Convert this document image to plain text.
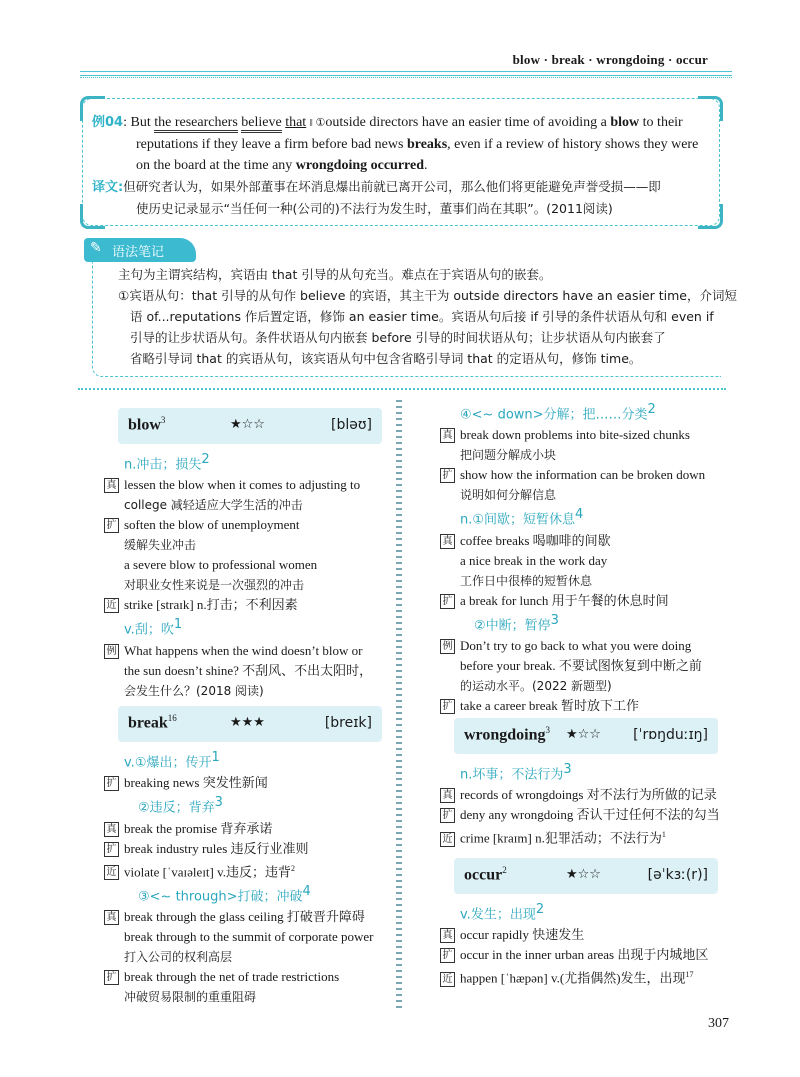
blow · break · wrongdoing · occur
例04: But the researchers believe that ‖ ①outside directors have an easier time of avoiding a blow to their
reputations if they leave a firm before bad news breaks, even if a review of history shows they were
on the board at the time any wrongdoing occurred.
译文:但研究者认为，如果外部董事在坏消息爆出前就已离开公司，那么他们将更能避免声誉受损——即
使历史记录显示“当任何一种(公司的)不法行为发生时，董事们尚在其职”。(2011阅读)
✎ 语法笔记
主句为主谓宾结构，宾语由 that 引导的从句充当。难点在于宾语从句的嵌套。
①宾语从句：that 引导的从句作 believe 的宾语，其主干为 outside directors have an easier time，介词短
语 of...reputations 作后置定语，修饰 an easier time。宾语从句后接 if 引导的条件状语从句和 even if
引导的让步状语从句。条件状语从句内嵌套 before 引导的时间状语从句；让步状语从句内嵌套了
省略引导词 that 的宾语从句，该宾语从句中包含省略引导词 that 的定语从句，修饰 time。
blow$^3$	★☆☆	[bləʊ]
n.冲击；损失$^2$
真 lessen the blow when it comes to adjusting to
college 减轻适应大学生活的冲击
扩 soften the blow of unemployment
缓解失业冲击
a severe blow to professional women
对职业女性来说是一次强烈的冲击
近 strike [straɪk] n.打击；不利因素
v.刮；吹$^1$
例 What happens when the wind doesn’t blow or
the sun doesn’t shine? 不刮风、不出太阳时，
会发生什么？(2018 阅读)
break$^{16}$	★★★	[breɪk]
v.①爆出；传开$^1$
扩 breaking news 突发性新闻
②违反；背弃$^3$
真 break the promise 背弃承诺
扩 break industry rules 违反行业准则
近 violate [ˈvaɪəleɪt] v.违反；违背$^2$
③<~ through>打破；冲破$^4$
真 break through the glass ceiling 打破晋升障碍
break through to the summit of corporate power
打入公司的权利高层
扩 break through the net of trade restrictions
冲破贸易限制的重重阻碍
④<~ down>分解；把……分类$^2$
真 break down problems into bite-sized chunks
把问题分解成小块
扩 show how the information can be broken down
说明如何分解信息
n.①间歇；短暂休息$^4$
真 coffee breaks 喝咖啡的间歇
a nice break in the work day
工作日中很棒的短暂休息
扩 a break for lunch 用于午餐的休息时间
②中断；暂停$^3$
例 Don’t try to go back to what you were doing
before your break. 不要试图恢复到中断之前
的运动水平。(2022 新题型)
扩 take a career break 暂时放下工作
wrongdoing$^3$ ★☆☆ [ˈrɒŋduːɪŋ]
n.坏事；不法行为$^3$
真 records of wrongdoings 对不法行为所做的记录
扩 deny any wrongdoing 否认干过任何不法的勾当
近 crime [kraɪm] n.犯罪活动；不法行为$^1$
occur$^2$	★☆☆	[əˈkɜː(r)]
v.发生；出现$^2$
真 occur rapidly 快速发生
扩 occur in the inner urban areas 出现于内城地区
近 happen [ˈhæpən] v.(尤指偶然)发生，出现$^{17}$
307
